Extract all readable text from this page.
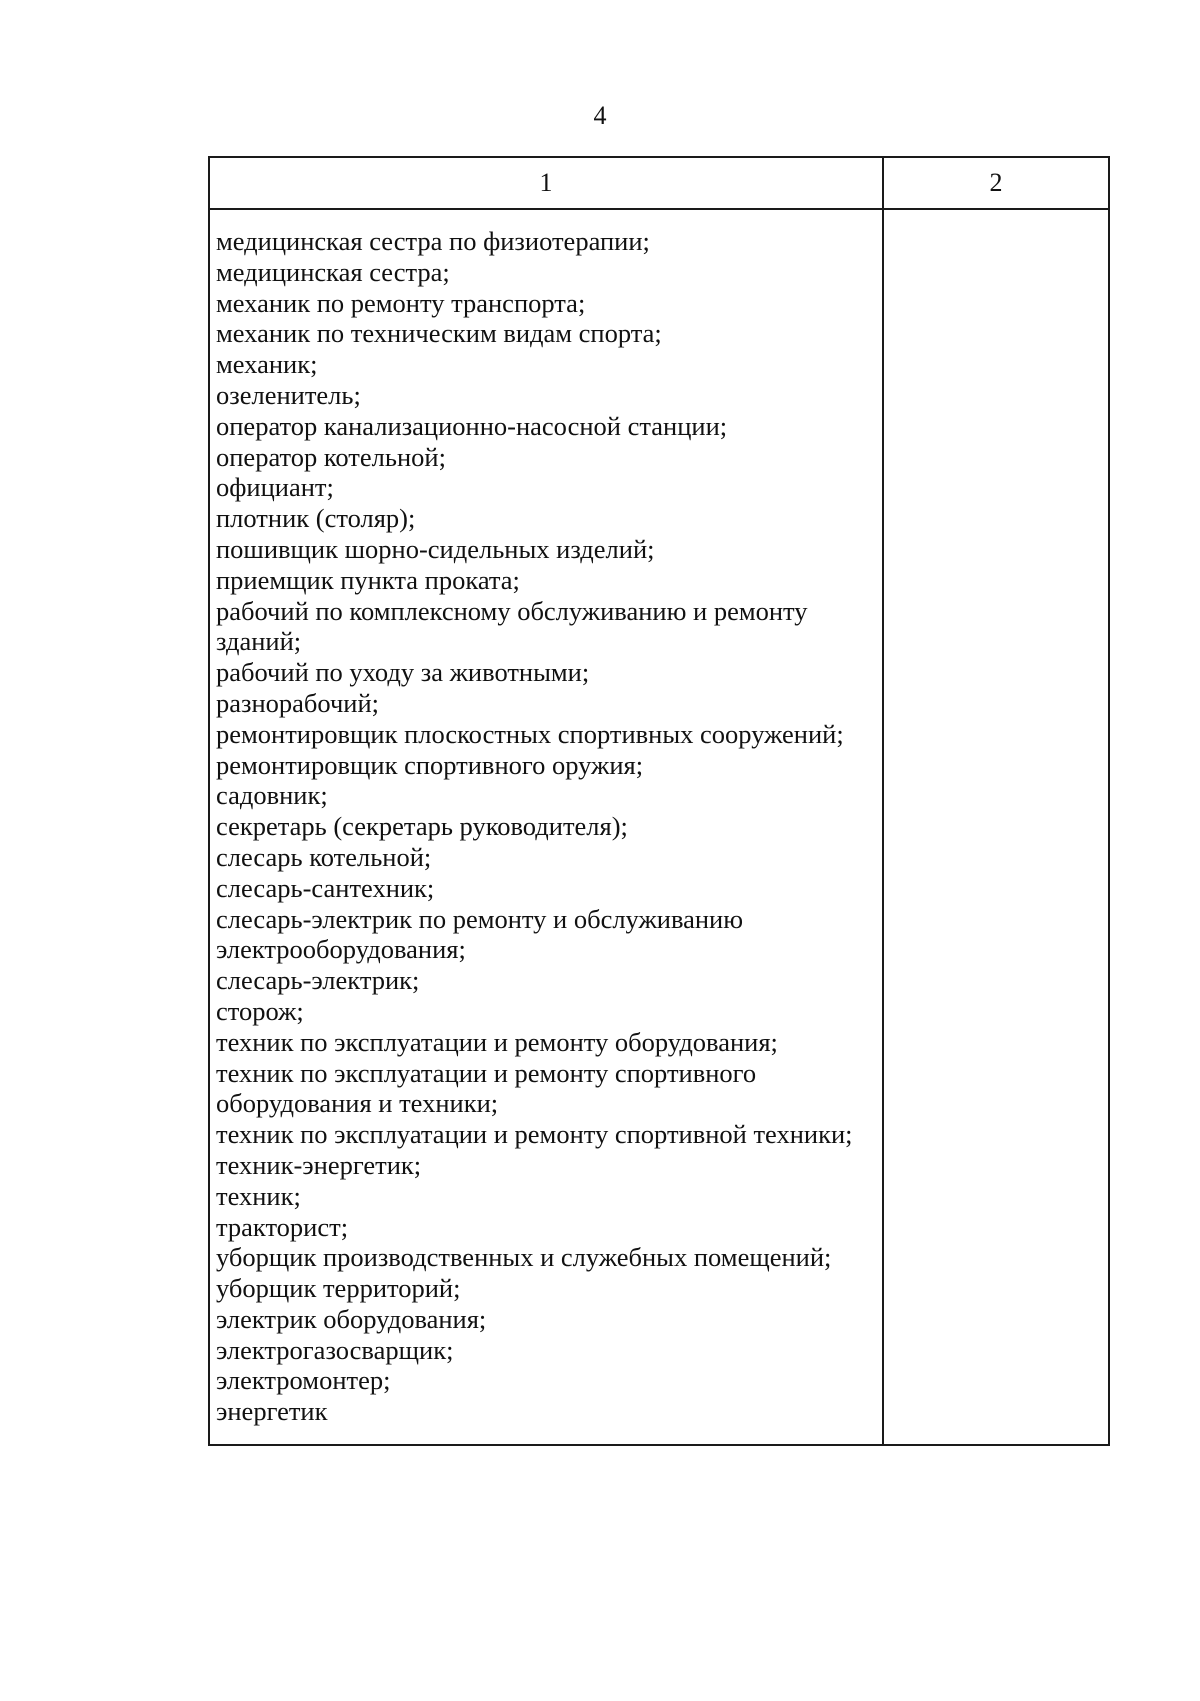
4
1	2
медицинская сестра по физиотерапии;
медицинская сестра;
механик по ремонту транспорта;
механик по техническим видам спорта;
механик;
озеленитель;
оператор канализационно-насосной станции;
оператор котельной;
официант;
плотник (столяр);
пошивщик шорно-сидельных изделий;
приемщик пункта проката;
рабочий по комплексному обслуживанию и ремонту
зданий;
рабочий по уходу за животными;
разнорабочий;
ремонтировщик плоскостных спортивных сооружений;
ремонтировщик спортивного оружия;
садовник;
секретарь (секретарь руководителя);
слесарь котельной;
слесарь-сантехник;
слесарь-электрик по ремонту и обслуживанию
электрооборудования;
слесарь-электрик;
сторож;
техник по эксплуатации и ремонту оборудования;
техник по эксплуатации и ремонту спортивного
оборудования и техники;
техник по эксплуатации и ремонту спортивной техники;
техник-энергетик;
техник;
тракторист;
уборщик производственных и служебных помещений;
уборщик территорий;
электрик оборудования;
электрогазосварщик;
электромонтер;
энергетик
